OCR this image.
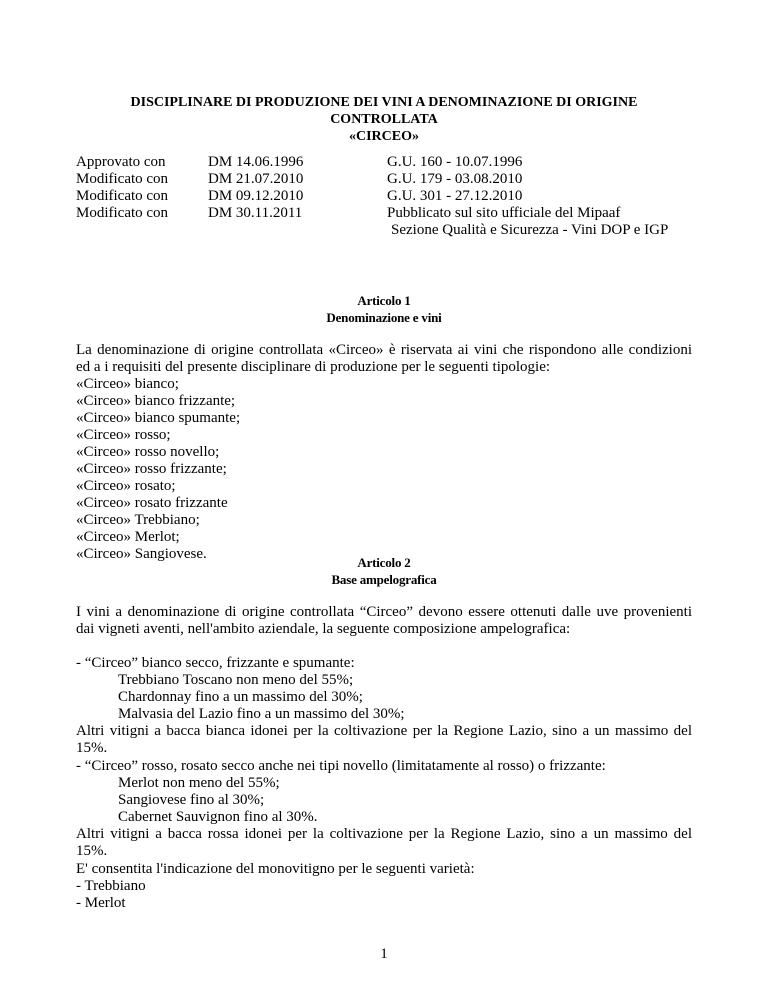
DISCIPLINARE DI PRODUZIONE DEI VINI A DENOMINAZIONE DI ORIGINE
CONTROLLATA
«CIRCEO»
Approvato con	DM 14.06.1996	G.U. 160 - 10.07.1996
Modificato con	DM 21.07.2010	G.U. 179 - 03.08.2010
Modificato con	DM 09.12.2010	G.U. 301 - 27.12.2010
Modificato con	DM 30.11.2011	Pubblicato sul sito ufficiale del Mipaaf
Sezione Qualità e Sicurezza - Vini DOP e IGP
Articolo 1
Denominazione e vini
La denominazione di origine controllata «Circeo» è riservata ai vini che rispondono alle condizioni
ed a i requisiti del presente disciplinare di produzione per le seguenti tipologie:
«Circeo» bianco;
«Circeo» bianco frizzante;
«Circeo» bianco spumante;
«Circeo» rosso;
«Circeo» rosso novello;
«Circeo» rosso frizzante;
«Circeo» rosato;
«Circeo» rosato frizzante
«Circeo» Trebbiano;
«Circeo» Merlot;
«Circeo» Sangiovese.
Articolo 2
Base ampelografica
I vini a denominazione di origine controllata “Circeo” devono essere ottenuti dalle uve provenienti
dai vigneti aventi, nell'ambito aziendale, la seguente composizione ampelografica:
- “Circeo” bianco secco, frizzante e spumante:
Trebbiano Toscano non meno del 55%;
Chardonnay fino a un massimo del 30%;
Malvasia del Lazio fino a un massimo del 30%;
Altri vitigni a bacca bianca idonei per la coltivazione per la Regione Lazio, sino a un massimo del
15%.
- “Circeo” rosso, rosato secco anche nei tipi novello (limitatamente al rosso) o frizzante:
Merlot non meno del 55%;
Sangiovese fino al 30%;
Cabernet Sauvignon fino al 30%.
Altri vitigni a bacca rossa idonei per la coltivazione per la Regione Lazio, sino a un massimo del
15%.
E' consentita l'indicazione del monovitigno per le seguenti varietà:
- Trebbiano
- Merlot
1
